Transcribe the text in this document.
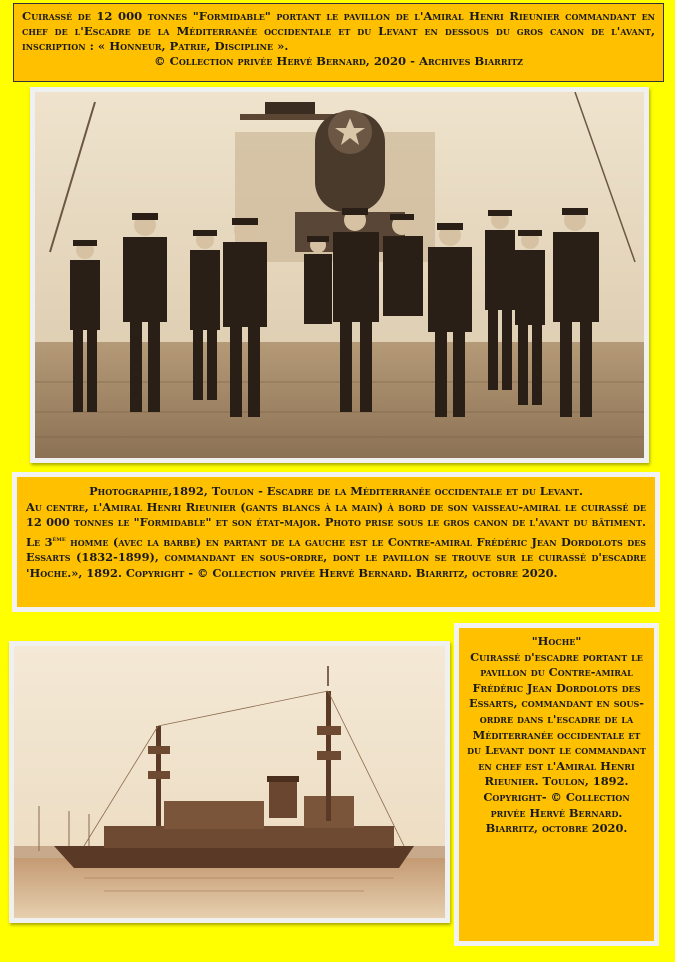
Cuirassé de 12 000 tonnes "Formidable" portant le pavillon de l'Amiral Henri Rieunier commandant en chef de l'Escadre de la Méditerranée occidentale et du Levant en dessous du gros canon de l'avant, inscription : « Honneur, Patrie, Discipline ».
© Collection privée Hervé Bernard, 2020 - Archives Biarritz
Photographie,1892, Toulon - Escadre de la Méditerranée occidentale et du Levant.
Au centre, l'Amiral Henri Rieunier (gants blancs à la main) à bord de son vaisseau-amiral le cuirassé de 12 000 tonnes le "Formidable" et son état-major. Photo prise sous le gros canon de l'avant du bâtiment. Le 3ème homme (avec la barbe) en partant de la gauche est le Contre-amiral Frédéric Jean Dordolots des Essarts (1832-1899), commandant en sous-ordre, dont le pavillon se trouve sur le cuirassé d'escadre 'Hoche.», 1892. Copyright - © Collection privée Hervé Bernard. Biarritz, octobre 2020.
"Hoche"
Cuirassé d'escadre portant le pavillon du Contre-amiral Frédéric Jean Dordolots des Essarts, commandant en sous-ordre dans l'escadre de la Méditerranée occidentale et du Levant dont le commandant en chef est l'Amiral Henri Rieunier. Toulon, 1892.
Copyright- © Collection privée Hervé Bernard. Biarritz, octobre 2020.
